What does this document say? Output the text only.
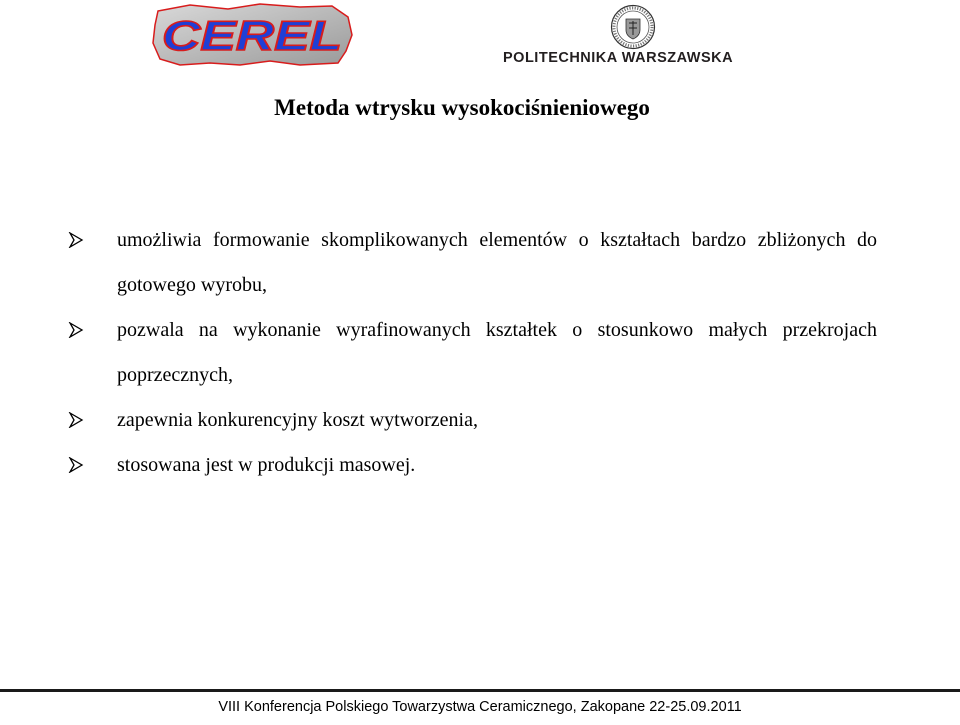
CEREL	POLITECHNIKA WARSZAWSKA
Metoda wtrysku wysokociśnieniowego
umożliwia formowanie skomplikowanych elementów o kształtach bardzo zbliżonych do gotowego wyrobu,
pozwala na wykonanie wyrafinowanych kształtek o stosunkowo małych przekrojach poprzecznych,
zapewnia konkurencyjny koszt wytworzenia,
stosowana jest w produkcji masowej.
VIII Konferencja Polskiego Towarzystwa Ceramicznego, Zakopane 22-25.09.2011
